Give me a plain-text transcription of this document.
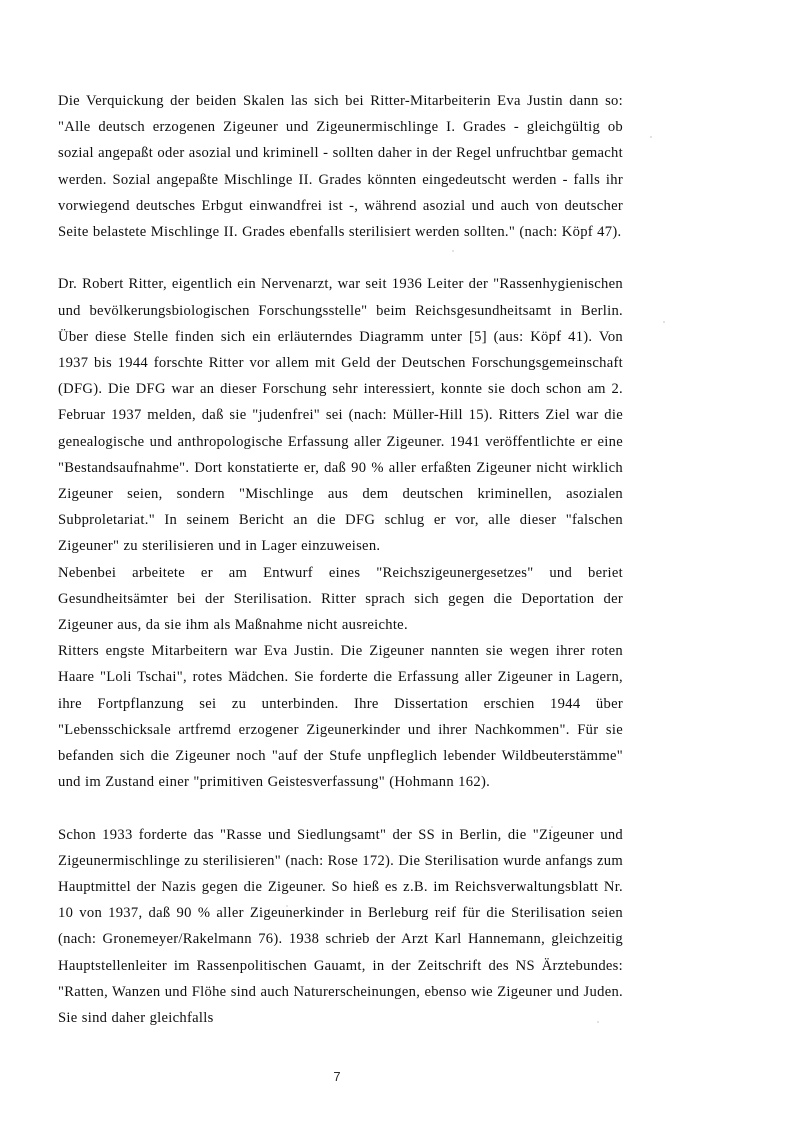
Die Verquickung der beiden Skalen las sich bei Ritter-Mitarbeiterin Eva Justin dann so: "Alle deutsch erzogenen Zigeuner und Zigeunermischlinge I. Grades - gleichgültig ob sozial angepaßt oder asozial und kriminell - sollten daher in der Regel unfruchtbar gemacht werden. Sozial angepaßte Mischlinge II. Grades könnten eingedeutscht werden - falls ihr vorwiegend deutsches Erbgut einwandfrei ist -, während asozial und auch von deutscher Seite belastete Mischlinge II. Grades ebenfalls sterilisiert werden sollten." (nach: Köpf 47).

Dr. Robert Ritter, eigentlich ein Nervenarzt, war seit 1936 Leiter der "Rassenhygienischen und bevölkerungsbiologischen Forschungsstelle" beim Reichsgesundheitsamt in Berlin. Über diese Stelle finden sich ein erläuterndes Diagramm unter [5] (aus: Köpf 41). Von 1937 bis 1944 forschte Ritter vor allem mit Geld der Deutschen Forschungsgemeinschaft (DFG). Die DFG war an dieser Forschung sehr interessiert, konnte sie doch schon am 2. Februar 1937 melden, daß sie "judenfrei" sei (nach: Müller-Hill 15). Ritters Ziel war die genealogische und anthropologische Erfassung aller Zigeuner. 1941 veröffentlichte er eine "Bestandsaufnahme". Dort konstatierte er, daß 90 % aller erfaßten Zigeuner nicht wirklich Zigeuner seien, sondern "Mischlinge aus dem deutschen kriminellen, asozialen Subproletariat." In seinem Bericht an die DFG schlug er vor, alle dieser "falschen Zigeuner" zu sterilisieren und in Lager einzuweisen.

Nebenbei arbeitete er am Entwurf eines "Reichszigeunergesetzes" und beriet Gesundheitsämter bei der Sterilisation. Ritter sprach sich gegen die Deportation der Zigeuner aus, da sie ihm als Maßnahme nicht ausreichte.

Ritters engste Mitarbeitern war Eva Justin. Die Zigeuner nannten sie wegen ihrer roten Haare "Loli Tschai", rotes Mädchen. Sie forderte die Erfassung aller Zigeuner in Lagern, ihre Fortpflanzung sei zu unterbinden. Ihre Dissertation erschien 1944 über "Lebensschicksale artfremd erzogener Zigeunerkinder und ihrer Nachkommen". Für sie befanden sich die Zigeuner noch "auf der Stufe unpfleglich lebender Wildbeuterstämme" und im Zustand einer "primitiven Geistesverfassung" (Hohmann 162).

Schon 1933 forderte das "Rasse und Siedlungsamt" der SS in Berlin, die "Zigeuner und Zigeunermischlinge zu sterilisieren" (nach: Rose 172). Die Sterilisation wurde anfangs zum Hauptmittel der Nazis gegen die Zigeuner. So hieß es z.B. im Reichsverwaltungsblatt Nr. 10 von 1937, daß 90 % aller Zigeunerkinder in Berleburg reif für die Sterilisation seien (nach: Gronemeyer/Rakelmann 76). 1938 schrieb der Arzt Karl Hannemann, gleichzeitig Hauptstellenleiter im Rassenpolitischen Gauamt, in der Zeitschrift des NS Ärztebundes: "Ratten, Wanzen und Flöhe sind auch Naturerscheinungen, ebenso wie Zigeuner und Juden. Sie sind daher gleichfalls

7
